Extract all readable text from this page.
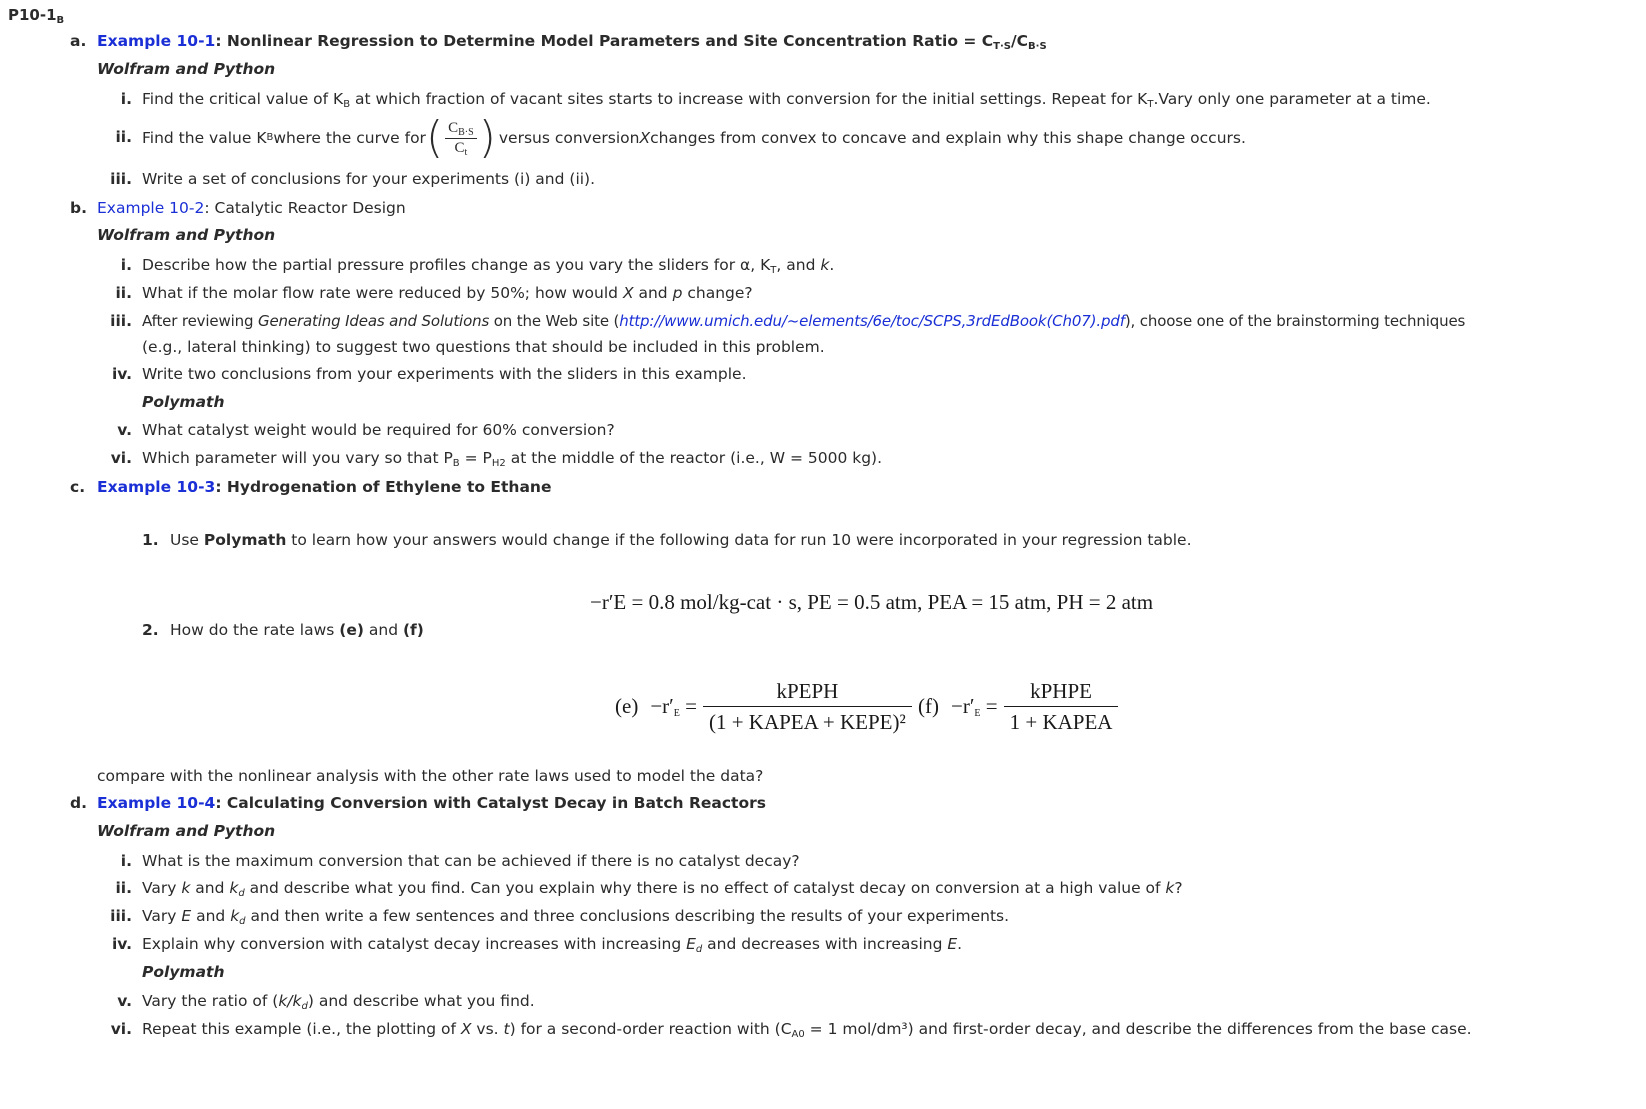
$P10-1_B$
a. Example 10-1: Nonlinear Regression to Determine Model Parameters and Site Concentration Ratio = $C_{T\cdot S}/C_{B\cdot S}$
Wolfram and Python
i. Find the critical value of $K_B$ at which fraction of vacant sites starts to increase with conversion for the initial settings. Repeat for $K_T.Vary$ only one parameter at a time.
ii. Find the value K B where the curve for ( $\frac{C_{B\cdot S}}{C_t}$ ) versus conversion X changes from convex to concave and explain why this shape change occurs.
iii. Write a set of conclusions for your experiments (i) and (ii).
b. Example 10-2: Catalytic Reactor Design
Wolfram and Python
i. Describe how the partial pressure profiles change as you vary the sliders for α, $K_T$, and k.
ii. What if the molar flow rate were reduced by 50%; how would X and p change?
iii. After reviewing Generating Ideas and Solutions on the Web site (http://www.umich.edu/~elements/6e/toc/SCPS,3rdEdBook(Ch07).pdf), choose one of the brainstorming techniques
(e.g., lateral thinking) to suggest two questions that should be included in this problem.
iv. Write two conclusions from your experiments with the sliders in this example.
Polymath
v. What catalyst weight would be required for 60% conversion?
vi. Which parameter will you vary so that $P_B = P_{H2}$ at the middle of the reactor (i.e., W = 5000 kg).
c. Example 10-3: Hydrogenation of Ethylene to Ethane
1. Use Polymath to learn how your answers would change if the following data for run 10 were incorporated in your regression table.
−r′E = 0.8 mol/kg-cat · s, PE = 0.5 atm, PEA = 15 atm, PH = 2 atm
2. How do the rate laws (e) and (f)
$(e) -r'_E = \frac{\text{kPEPH}}{\text{(1 + KAPEA + KEPE)²}} (f) -r'_E = \frac{\text{kPHPE}}{\text{1 + KAPEA}}$
compare with the nonlinear analysis with the other rate laws used to model the data?
d. Example 10-4: Calculating Conversion with Catalyst Decay in Batch Reactors
Wolfram and Python
i. What is the maximum conversion that can be achieved if there is no catalyst decay?
ii. Vary k and $k_d$ and describe what you find. Can you explain why there is no effect of catalyst decay on conversion at a high value of k?
iii. Vary E and $k_d$ and then write a few sentences and three conclusions describing the results of your experiments.
iv. Explain why conversion with catalyst decay increases with increasing $E_d$ and decreases with increasing E.
Polymath
v. Vary the ratio of $(k/k_d)$ and describe what you find.
vi. Repeat this example (i.e., the plotting of X vs. t) for a second-order reaction with ($C_{A0} = 1$ mol/dm³) and first-order decay, and describe the differences from the base case.
